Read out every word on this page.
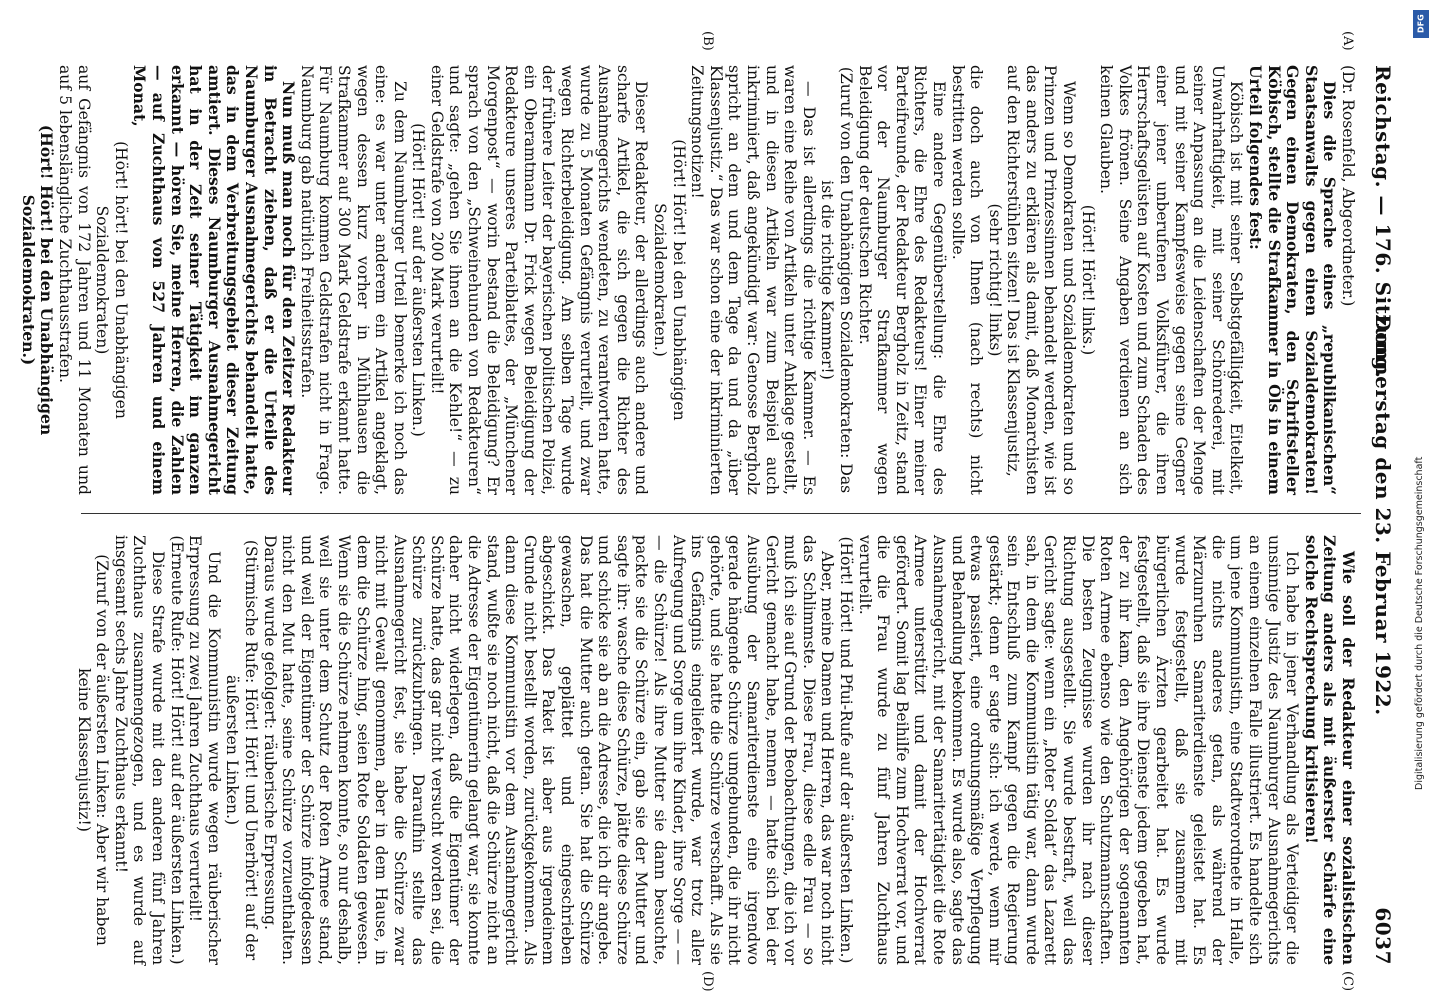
Reichstag. — 176. Sitzung.
Donnerstag den 23. Februar 1922.
6037
(A)
(B)
(C)
(D)

(Dr. Rosenfeld, Abgeordneter.)

Dies die Sprache eines „republikanischen“ Staatsanwalts gegen einen Sozialdemokraten! Gegen einen Demokraten, den Schriftsteller Köbisch, stellte die Strafkammer in Öls in einem Urteil folgendes fest:

Köbisch ist mit seiner Selbstgefälligkeit, Eitelkeit, Unwahrhaftigkeit, mit seiner Schönrederei, mit seiner Anpassung an die Leidenschaften der Menge und mit seiner Kampfesweise gegen seine Gegner einer jener unberufenen Volksführer, die ihren Herrschaftsgelüsten auf Kosten und zum Schaden des Volkes frönen. Seine Angaben verdienen an sich keinen Glauben.

(Hört! Hört! links.)

Wenn so Demokraten und Sozialdemokraten und so Prinzen und Prinzessinnen behandelt werden, wie ist das anders zu erklären als damit, daß Monarchisten auf den Richterstühlen sitzen! Das ist Klassenjustiz,

(sehr richtig! links)

die doch auch von Ihnen (nach rechts) nicht bestritten werden sollte.

Eine andere Gegenüberstellung: die Ehre des Richters, die Ehre des Redakteurs! Einer meiner Parteifreunde, der Redakteur Bergholz in Zeitz, stand vor der Naumburger Strafkammer wegen Beleidigung der deutschen Richter.

(Zuruf von den Unabhängigen Sozialdemokraten: Das ist die richtige Kammer!)

— Das ist allerdings die richtige Kammer. — Es waren eine Reihe von Artikeln unter Anklage gestellt, und in diesen Artikeln war zum Beispiel auch inkriminiert, daß angekündigt war: Genosse Bergholz spricht an dem und dem Tage da und da „über Klassenjustiz.“ Das war schon eine der inkriminierten Zeitungsnotizen!

(Hört! Hört! bei den Unabhängigen Sozialdemokraten.)

Dieser Redakteur, der allerdings auch andere und scharfe Artikel, die sich gegen die Richter des Ausnahmegerichts wendeten, zu verantworten hatte, wurde zu 5 Monaten Gefängnis verurteilt, und zwar wegen Richterbeleidigung. Am selben Tage wurde der frühere Leiter der bayerischen politischen Polizei, ein Oberamtmann Dr. Frick wegen Beleidigung der Redakteure unseres Parteiblattes, der „Münchener Morgenpost“ — worin bestand die Beleidigung? Er sprach von den „Schweinehunden von Redakteuren“ und sagte: „gehen Sie ihnen an die Kehle!“ — zu einer Geldstrafe von 200 Mark verurteilt!

(Hört! Hört! auf der äußersten Linken.)

Zu dem Naumburger Urteil bemerke ich noch das eine: es war unter anderem ein Artikel angeklagt, wegen dessen kurz vorher in Mühlhausen die Strafkammer auf 300 Mark Geldstrafe erkannt hatte. Für Naumburg kommen Geldstrafen nicht in Frage. Naumburg gab natürlich Freiheitsstrafen.

Nun muß man noch für den Zeitzer Redakteur in Betracht ziehen, daß er die Urteile des Naumburger Ausnahmegerichts behandelt hatte, das in dem Verbreitungsgebiet dieser Zeitung amtiert. Dieses Naumburger Ausnahmegericht hat in der Zeit seiner Tätigkeit im ganzen erkannt — hören Sie, meine Herren, die Zahlen — auf Zuchthaus von 527 Jahren und einem Monat,

(Hört! hört! bei den Unabhängigen Sozialdemokraten)

auf Gefängnis von 172 Jahren und 11 Monaten und auf 5 lebenslängliche Zuchthausstrafen.

(Hört! Hört! bei den Unabhängigen Sozialdemokraten.)

Wie soll der Redakteur einer sozialistischen Zeitung anders als mit äußerster Schärfe eine solche Rechtsprechung kritisieren!

Ich habe in jener Verhandlung als Verteidiger die unsinnige Justiz des Naumburger Ausnahmegerichts an einem einzelnen Falle illustriert. Es handelte sich um jene Kommunistin, eine Stadtverordnete in Halle, die nichts anderes getan, als während der Märzunruhen Samariterdienste geleistet hat. Es wurde festgestellt, daß sie zusammen mit bürgerlichen Ärzten gearbeitet hat. Es wurde festgestellt, daß sie ihre Dienste jedem gegeben hat, der zu ihr kam, den Angehörigen der sogenannten Roten Armee ebenso wie den Schutzmannschaften. Die besten Zeugnisse wurden ihr nach dieser Richtung ausgestellt. Sie wurde bestraft, weil das Gericht sagte: wenn ein „Roter Soldat“ das Lazarett sah, in dem die Kommunistin tätig war, dann wurde sein Entschluß zum Kampf gegen die Regierung gestärkt; denn er sagte sich: ich werde, wenn mir etwas passiert, eine ordnungsmäßige Verpflegung und Behandlung bekommen. Es wurde also, sagte das Ausnahmegericht, mit der Samaritertätigkeit die Rote Armee unterstützt und damit der Hochverrat gefördert. Somit lag Beihilfe zum Hochverrat vor, und die die Frau wurde zu fünf Jahren Zuchthaus verurteilt.

(Hört! Hört! und Pfui-Rufe auf der äußersten Linken.)

Aber, meine Damen und Herren, das war noch nicht das Schlimmste. Diese Frau, diese edle Frau — so muß ich sie auf Grund der Beobachtungen, die ich vor Gericht gemacht habe, nennen — hatte sich bei der Ausübung der Samariterdienste eine irgendwo gerade hängende Schürze umgebunden, die ihr nicht gehörte, und sie hatte die Schürze verschafft. Als sie ins Gefängnis eingeliefert wurde, war trotz aller Aufregung und Sorge um ihre Kinder, ihre Sorge — — — die Schürze! Als ihre Mutter sie dann besuchte, packte sie die Schürze ein, gab sie der Mutter und sagte ihr: wasche diese Schürze, plätte diese Schürze und schicke sie ab an die Adresse, die ich dir angebe. Das hat die Mutter auch getan. Sie hat die Schürze gewaschen, geplättet und eingeschrieben abgeschickt. Das Paket ist aber aus irgendeinem Grunde nicht bestellt worden, zurückgekommen. Als dann diese Kommunistin vor dem Ausnahmegericht stand, wußte sie noch nicht, daß die Schürze nicht an die Adresse der Eigentümerin gelangt war, sie konnte daher nicht widerlegen, daß die Eigentümer der Schürze hatte, das gar nicht versucht worden sei, die Schürze zurückzubringen. Daraufhin stellte das Ausnahmegericht fest, sie habe die Schürze zwar nicht mit Gewalt genommen, aber in dem Hause, in dem die Schürze hing, seien Rote Soldaten gewesen. Wenn sie die Schürze nehmen konnte, so nur deshalb, weil sie unter dem Schutz der Roten Armee stand, und weil der Eigentümer der Schürze infolgedessen nicht den Mut hatte, seine Schürze vorzuenthalten. Daraus wurde gefolgert: räuberische Erpressung.

(Stürmische Rufe: Hört! Hört! und Unerhört! auf der äußersten Linken.)

Und die Kommunistin wurde wegen räuberischer Erpressung zu zwei Jahren Zuchthaus verurteilt!

(Erneute Rufe: Hört! Hört! auf der äußersten Linken.)

Diese Strafe wurde mit den anderen fünf Jahren Zuchthaus zusammengezogen, und es wurde auf insgesamt sechs Jahre Zuchthaus erkannt!

(Zuruf von der äußersten Linken: Aber wir haben keine Klassenjustiz!)

DFG
Digitalisierung gefördert durch die Deutsche Forschungsgemeinschaft
